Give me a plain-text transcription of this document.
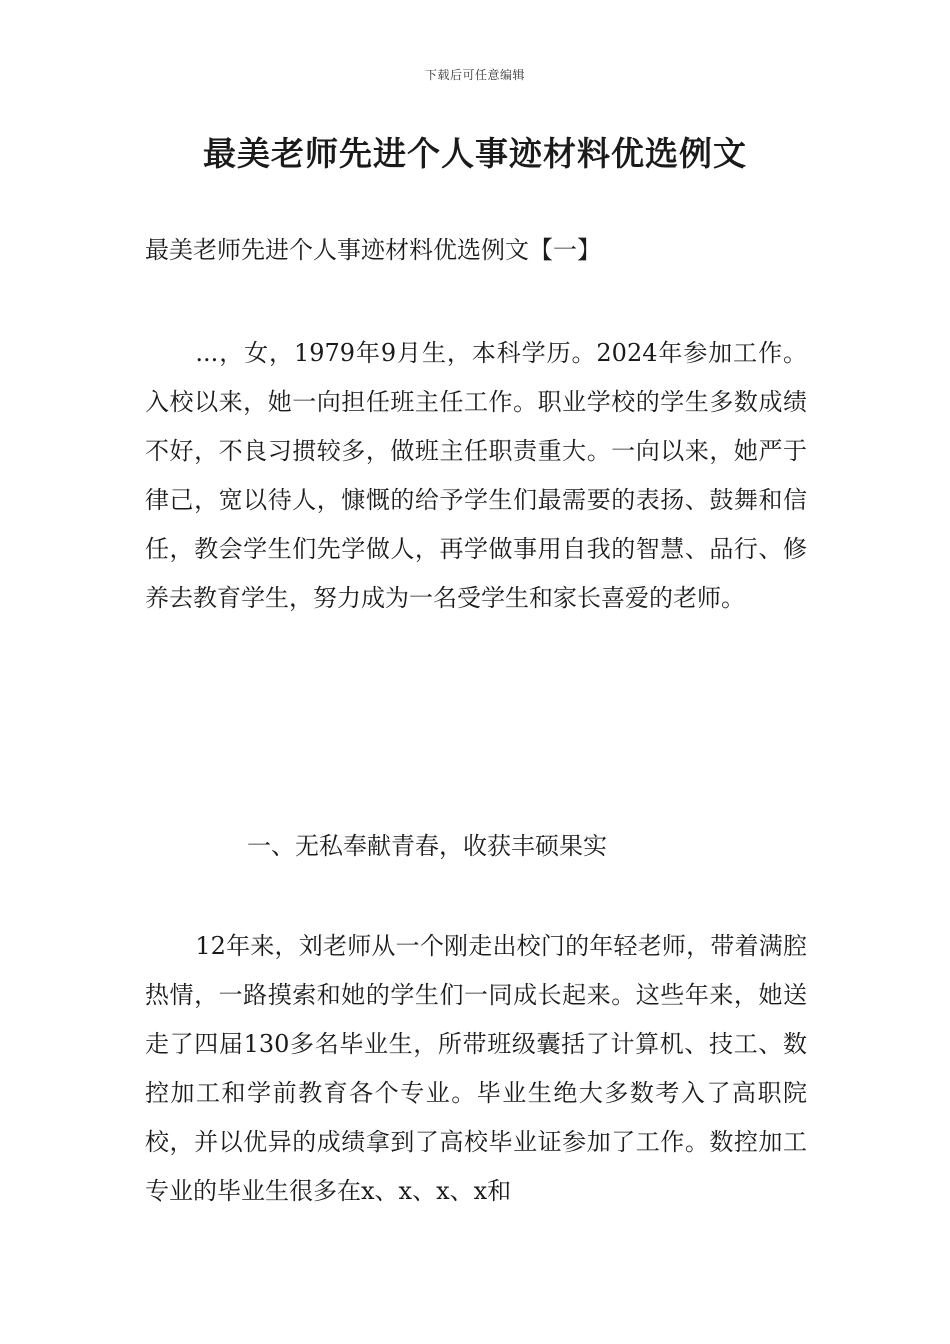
下载后可任意编辑
最美老师先进个人事迹材料优选例文
最美老师先进个人事迹材料优选例文【一】

...，女，1979年9月生，本科学历。2024年参加工作。入校以来，她一向担任班主任工作。职业学校的学生多数成绩不好，不良习掼较多，做班主任职责重大。一向以来，她严于律己，宽以待人，慷慨的给予学生们最需要的表扬、鼓舞和信任，教会学生们先学做人，再学做事用自我的智慧、品行、修养去教育学生，努力成为一名受学生和家长喜爱的老师。

一、无私奉献青春，收获丰硕果实

12年来，刘老师从一个刚走出校门的年轻老师，带着满腔热情，一路摸索和她的学生们一同成长起来。这些年来，她送走了四届130多名毕业生，所带班级囊括了计算机、技工、数控加工和学前教育各个专业。毕业生绝大多数考入了高职院校，并以优异的成绩拿到了高校毕业证参加了工作。数控加工专业的毕业生很多在x、x、x、x和
